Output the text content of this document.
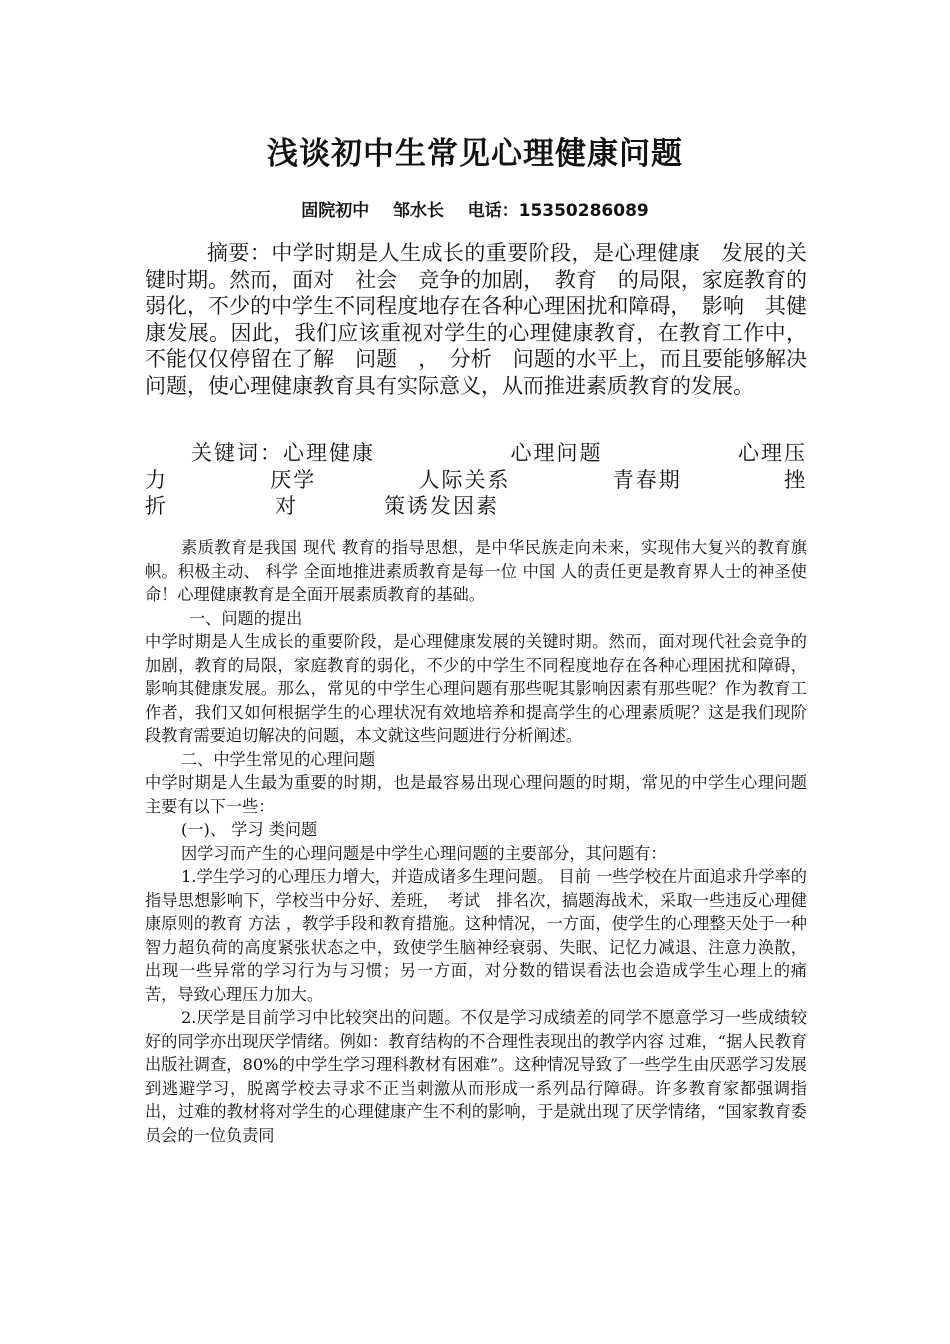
浅谈初中生常见心理健康问题
固院初中    邹水长    电话：15350286089

摘要：中学时期是人生成长的重要阶段，是心理健康　发展的关键时期。然而，面对　社会　竞争的加剧，　教育　的局限，家庭教育的弱化，不少的中学生不同程度地存在各种心理困扰和障碍，　影响　其健康发展。因此，我们应该重视对学生的心理健康教育，在教育工作中，不能仅仅停留在了解　问题　，　分析　问题的水平上，而且要能够解决问题，使心理健康教育具有实际意义，从而推进素质教育的发展。

关键词：心理健康	心理问题	心理压
力	厌学	人际关系	青春期	挫
折	对策 诱发因素

素质教育是我国 现代 教育的指导思想，是中华民族走向未来，实现伟大复兴的教育旗帜。积极主动、 科学 全面地推进素质教育是每一位 中国 人的责任更是教育界人士的神圣使命！心理健康教育是全面开展素质教育的基础。

一、问题的提出

中学时期是人生成长的重要阶段，是心理健康发展的关键时期。然而，面对现代社会竞争的加剧，教育的局限，家庭教育的弱化，不少的中学生不同程度地存在各种心理困扰和障碍，影响其健康发展。那么，常见的中学生心理问题有那些呢其影响因素有那些呢？作为教育工作者，我们又如何根据学生的心理状况有效地培养和提高学生的心理素质呢？这是我们现阶段教育需要迫切解决的问题，本文就这些问题进行分析阐述。

二、中学生常见的心理问题

中学时期是人生最为重要的时期，也是最容易出现心理问题的时期，常见的中学生心理问题主要有以下一些：

(一)、 学习 类问题

因学习而产生的心理问题是中学生心理问题的主要部分，其问题有：

1.学生学习的心理压力增大，并造成诸多生理问题。 目前 一些学校在片面追求升学率的指导思想影响下，学校当中分好、差班，　考试　排名次，搞题海战术，采取一些违反心理健康原则的教育 方法 ，教学手段和教育措施。这种情况，一方面，使学生的心理整天处于一种智力超负荷的高度紧张状态之中，致使学生脑神经衰弱、失眠、记忆力减退、注意力涣散，出现一些异常的学习行为与习惯；另一方面，对分数的错误看法也会造成学生心理上的痛苦，导致心理压力加大。

2.厌学是目前学习中比较突出的问题。不仅是学习成绩差的同学不愿意学习一些成绩较好的同学亦出现厌学情绪。例如：教育结构的不合理性表现出的教学内容 过难，“据人民教育出版社调查，80%的中学生学习理科教材有困难”。这种情况导致了一些学生由厌恶学习发展到逃避学习，脱离学校去寻求不正当刺激从而形成一系列品行障碍。许多教育家都强调指出，过难的教材将对学生的心理健康产生不利的影响，于是就出现了厌学情绪，“国家教育委员会的一位负责同
